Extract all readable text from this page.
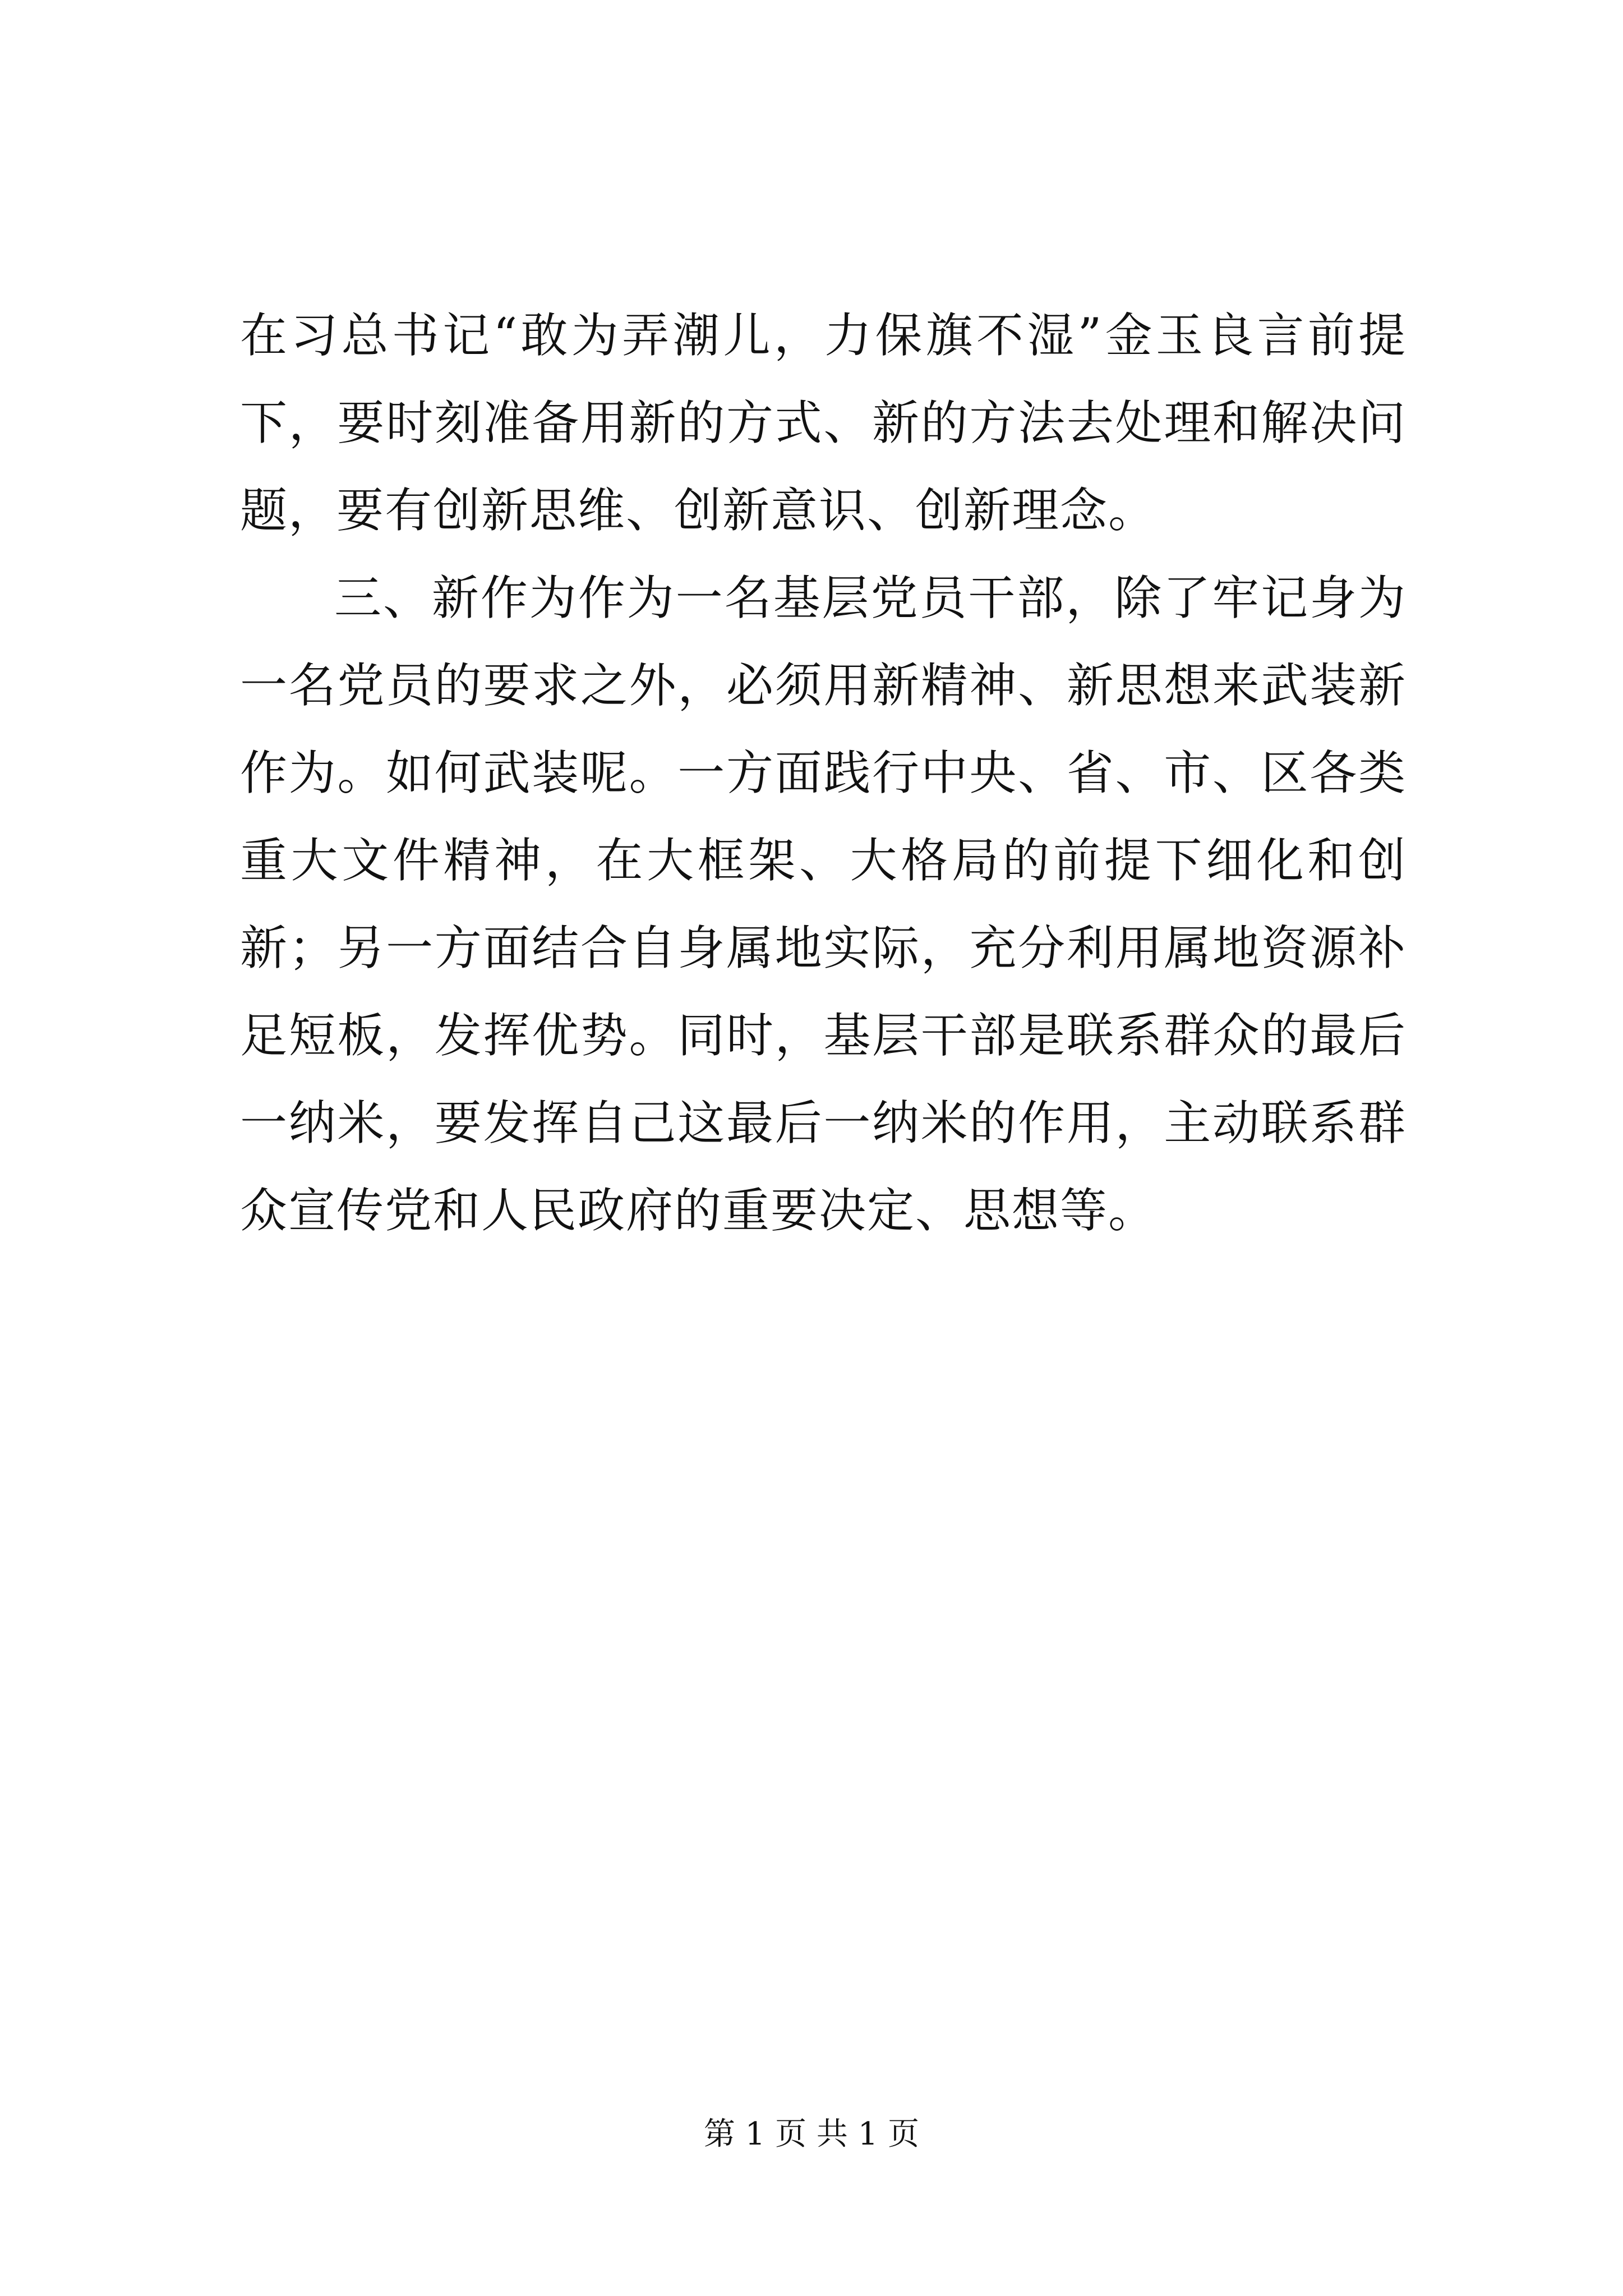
在习总书记“敢为弄潮儿，力保旗不湿”金玉良言前提下，要时刻准备用新的方式、新的方法去处理和解决问题，要有创新思维、创新意识、创新理念。

三、新作为作为一名基层党员干部，除了牢记身为一名党员的要求之外，必须用新精神、新思想来武装新作为。如何武装呢。一方面践行中央、省、市、区各类重大文件精神，在大框架、大格局的前提下细化和创新；另一方面结合自身属地实际，充分利用属地资源补足短板，发挥优势。同时，基层干部是联系群众的最后一纳米，要发挥自己这最后一纳米的作用，主动联系群众宣传党和人民政府的重要决定、思想等。

第 1 页 共 1 页
